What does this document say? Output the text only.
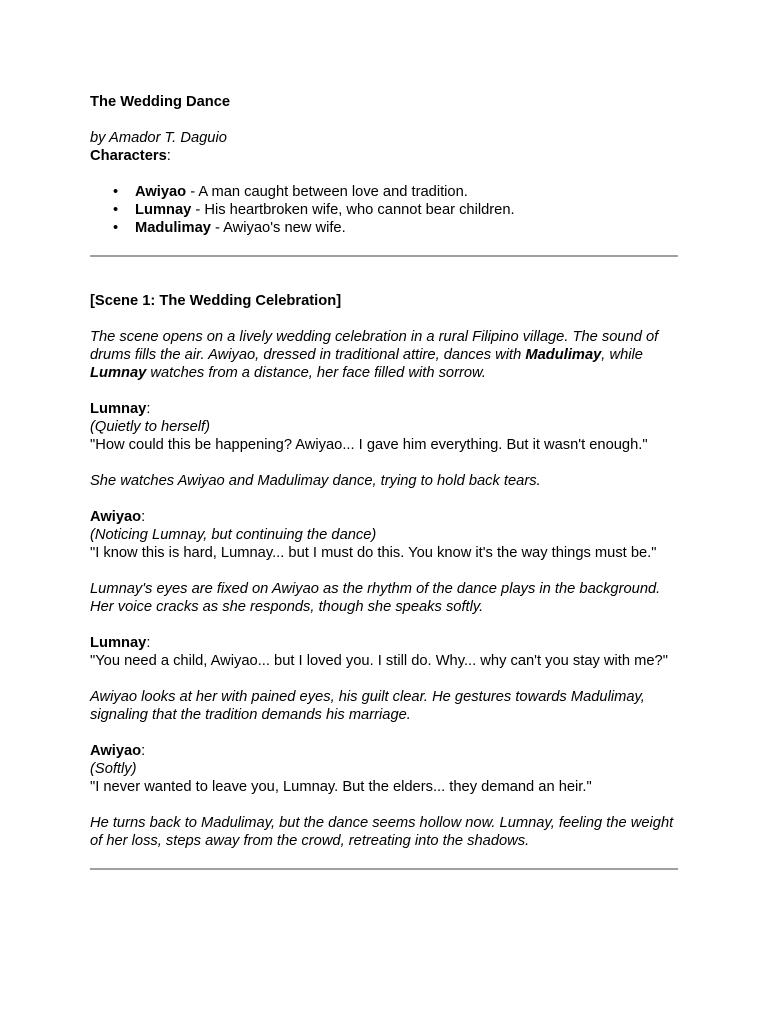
The Wedding Dance

by Amador T. Daguio

Characters:

• Awiyao - A man caught between love and tradition.
• Lumnay - His heartbroken wife, who cannot bear children.
• Madulimay - Awiyao's new wife.

[Scene 1: The Wedding Celebration]

The scene opens on a lively wedding celebration in a rural Filipino village. The sound of drums fills the air. Awiyao, dressed in traditional attire, dances with Madulimay, while Lumnay watches from a distance, her face filled with sorrow.

Lumnay:

(Quietly to herself)

"How could this be happening? Awiyao... I gave him everything. But it wasn't enough."

She watches Awiyao and Madulimay dance, trying to hold back tears.

Awiyao:

(Noticing Lumnay, but continuing the dance)

"I know this is hard, Lumnay... but I must do this. You know it's the way things must be."

Lumnay's eyes are fixed on Awiyao as the rhythm of the dance plays in the background. Her voice cracks as she responds, though she speaks softly.

Lumnay:

"You need a child, Awiyao... but I loved you. I still do. Why... why can't you stay with me?"

Awiyao looks at her with pained eyes, his guilt clear. He gestures towards Madulimay, signaling that the tradition demands his marriage.

Awiyao:

(Softly)

"I never wanted to leave you, Lumnay. But the elders... they demand an heir."

He turns back to Madulimay, but the dance seems hollow now. Lumnay, feeling the weight of her loss, steps away from the crowd, retreating into the shadows.
